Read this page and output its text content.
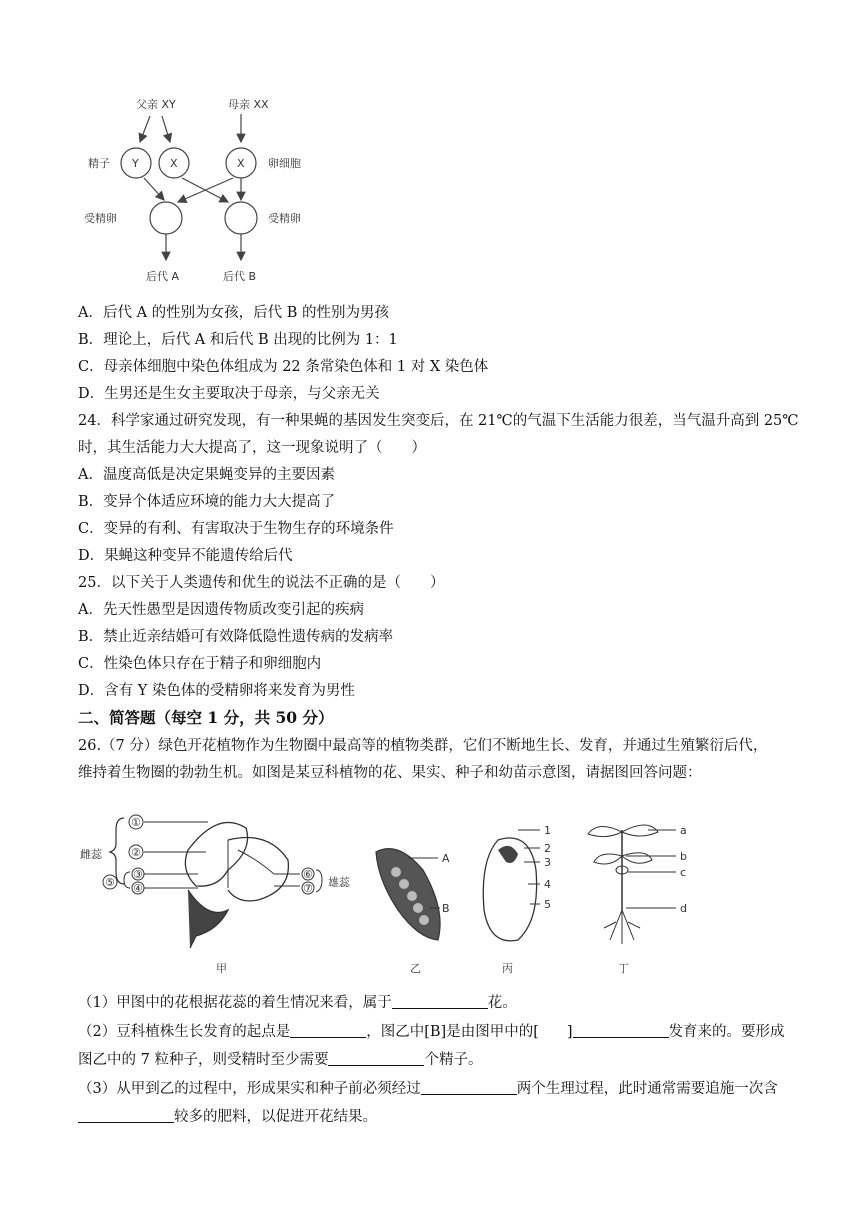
父亲 XY	母亲 XX
精子 Y	X	X 卵细胞
受精卵	受精卵
后代 A	后代 B
A．后代 A 的性别为女孩，后代 B 的性别为男孩
B．理论上，后代 A 和后代 B 出现的比例为 1：1
C．母亲体细胞中染色体组成为 22 条常染色体和 1 对 X 染色体
D．生男还是生女主要取决于母亲，与父亲无关
24．科学家通过研究发现，有一种果蝇的基因发生突变后，在 21℃的气温下生活能力很差，当气温升高到 25℃
时，其生活能力大大提高了，这一现象说明了（　　）
A．温度高低是决定果蝇变异的主要因素
B．变异个体适应环境的能力大大提高了
C．变异的有利、有害取决于生物生存的环境条件
D．果蝇这种变异不能遗传给后代
25．以下关于人类遗传和优生的说法不正确的是（　　）
A．先天性愚型是因遗传物质改变引起的疾病
B．禁止近亲结婚可有效降低隐性遗传病的发病率
C．性染色体只存在于精子和卵细胞内
D．含有 Y 染色体的受精卵将来发育为男性
二、简答题（每空 1 分，共 50 分）
26.（7 分）绿色开花植物作为生物圈中最高等的植物类群，它们不断地生长、发育，并通过生殖繁衍后代，
维持着生物圈的勃勃生机。如图是某豆科植物的花、果实、种子和幼苗示意图，请据图回答问题：
雌蕊
①
②
③
④
⑤
⑥
⑦ 雄蕊
甲
A
B
乙
1
2
3
4
5
丙
a
b
c
d
丁
（1）甲图中的花根据花蕊的着生情况来看，属于	花。
（2）豆科植株生长发育的起点是	，图乙中[B]是由图甲中的[ ]	发育来的。要形成
图乙中的 7 粒种子，则受精时至少需要	个精子。
（3）从甲到乙的过程中，形成果实和种子前必须经过	两个生理过程，此时通常需要追施一次含
较多的肥料，以促进开花结果。
